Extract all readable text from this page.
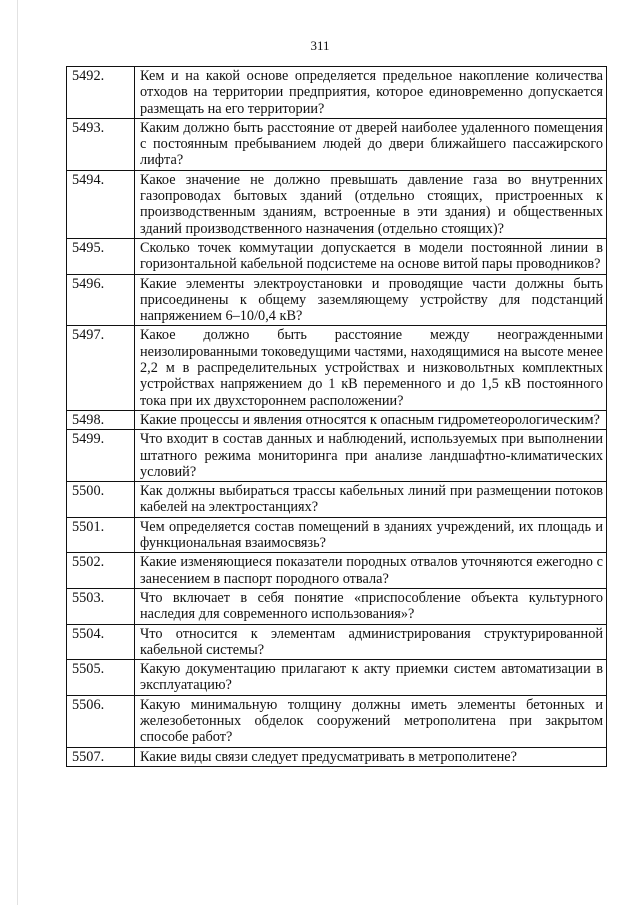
311
5492.	Кем и на какой основе определяется предельное накопление количества отходов на территории предприятия, которое единовременно допускается размещать на его территории?
5493.	Каким должно быть расстояние от дверей наиболее удаленного помещения с постоянным пребыванием людей до двери ближайшего пассажирского лифта?
5494.	Какое значение не должно превышать давление газа во внутренних газопроводах бытовых зданий (отдельно стоящих, пристроенных к производственным зданиям, встроенные в эти здания) и общественных зданий производственного назначения (отдельно стоящих)?
5495.	Сколько точек коммутации допускается в модели постоянной линии в горизонтальной кабельной подсистеме на основе витой пары проводников?
5496.	Какие элементы электроустановки и проводящие части должны быть присоединены к общему заземляющему устройству для подстанций напряжением 6–10/0,4 кВ?
5497.	Какое должно быть расстояние между неогражденными неизолированными токоведущими частями, находящимися на высоте менее 2,2 м в распределительных устройствах и низковольтных комплектных устройствах напряжением до 1 кВ переменного и до 1,5 кВ постоянного тока при их двухстороннем расположении?
5498.	Какие процессы и явления относятся к опасным гидрометеорологическим?
5499.	Что входит в состав данных и наблюдений, используемых при выполнении штатного режима мониторинга при анализе ландшафтно-климатических условий?
5500.	Как должны выбираться трассы кабельных линий при размещении потоков кабелей на электростанциях?
5501.	Чем определяется состав помещений в зданиях учреждений, их площадь и функциональная взаимосвязь?
5502.	Какие изменяющиеся показатели породных отвалов уточняются ежегодно с занесением в паспорт породного отвала?
5503.	Что включает в себя понятие «приспособление объекта культурного наследия для современного использования»?
5504.	Что относится к элементам администрирования структурированной кабельной системы?
5505.	Какую документацию прилагают к акту приемки систем автоматизации в эксплуатацию?
5506.	Какую минимальную толщину должны иметь элементы бетонных и железобетонных обделок сооружений метрополитена при закрытом способе работ?
5507.	Какие виды связи следует предусматривать в метрополитене?
